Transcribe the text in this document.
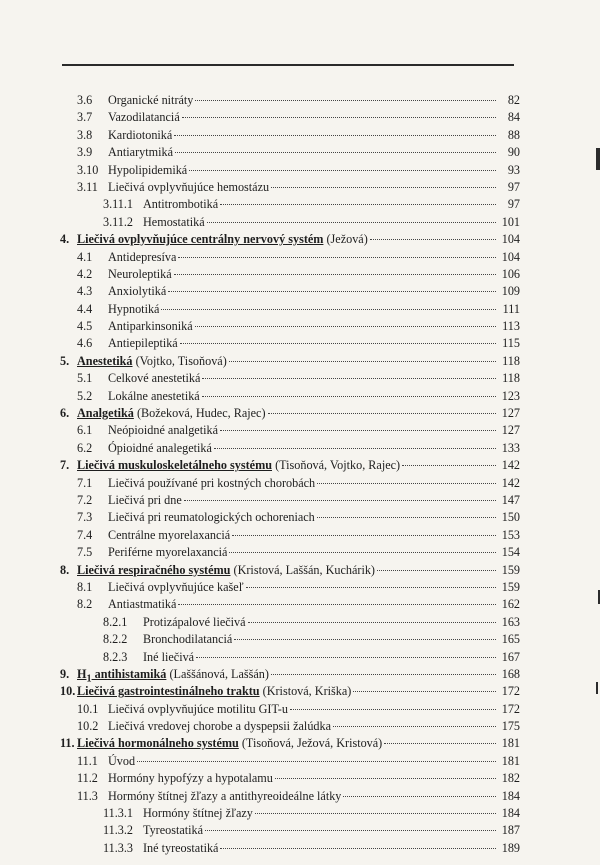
3.6	Organické nitráty	82
3.7	Vazodilatanciá	84
3.8	Kardiotoniká	88
3.9	Antiarytmiká	90
3.10 Hypolipidemiká	93
3.11 Liečivá ovplyvňujúce hemostázu	97
3.11.1 Antitrombotiká	97
3.11.2 Hemostatiká	101
4. Liečivá ovplyvňujúce centrálny nervový systém (Ježová)	104
4.1	Antidepresíva	104
4.2	Neuroleptiká	106
4.3	Anxiolytiká	109
4.4	Hypnotiká	111
4.5	Antiparkinsoniká	113
4.6	Antiepileptiká	115
5. Anestetiká (Vojtko, Tisoňová)	118
5.1	Celkové anestetiká	118
5.2	Lokálne anestetiká	123
6. Analgetiká (Božeková, Hudec, Rajec)	127
6.1	Neópioidné analgetiká	127
6.2	Ópioidné analegetiká	133
7. Liečivá muskuloskeletálneho systému (Tisoňová, Vojtko, Rajec)	142
7.1	Liečivá používané pri kostných chorobách	142
7.2	Liečivá pri dne	147
7.3	Liečivá pri reumatologických ochoreniach	150
7.4	Centrálne myorelaxanciá	153
7.5	Periférne myorelaxanciá	154
8. Liečivá respiračného systému (Kristová, Laššán, Kuchárik)	159
8.1	Liečivá ovplyvňujúce kašeľ	159
8.2	Antiastmatiká	162
8.2.1	Protizápalové liečivá	163
8.2.2	Bronchodilatanciá	165
8.2.3	Iné liečivá	167
9. $H_1$ antihistamiká (Laššánová, Laššán)	168
10. Liečivá gastrointestinálneho traktu (Kristová, Kriška)	172
10.1 Liečivá ovplyvňujúce motilitu GIT-u	172
10.2 Liečivá vredovej chorobe a dyspepsii žalúdka	175
11. Liečivá hormonálneho systému (Tisoňová, Ježová, Kristová)	181
11.1 Úvod	181
11.2 Hormóny hypofýzy a hypotalamu	182
11.3 Hormóny štítnej žľazy a antithyreoideálne látky	184
11.3.1 Hormóny štítnej žľazy	184
11.3.2 Tyreostatiká	187
11.3.3 Iné tyreostatiká	189
